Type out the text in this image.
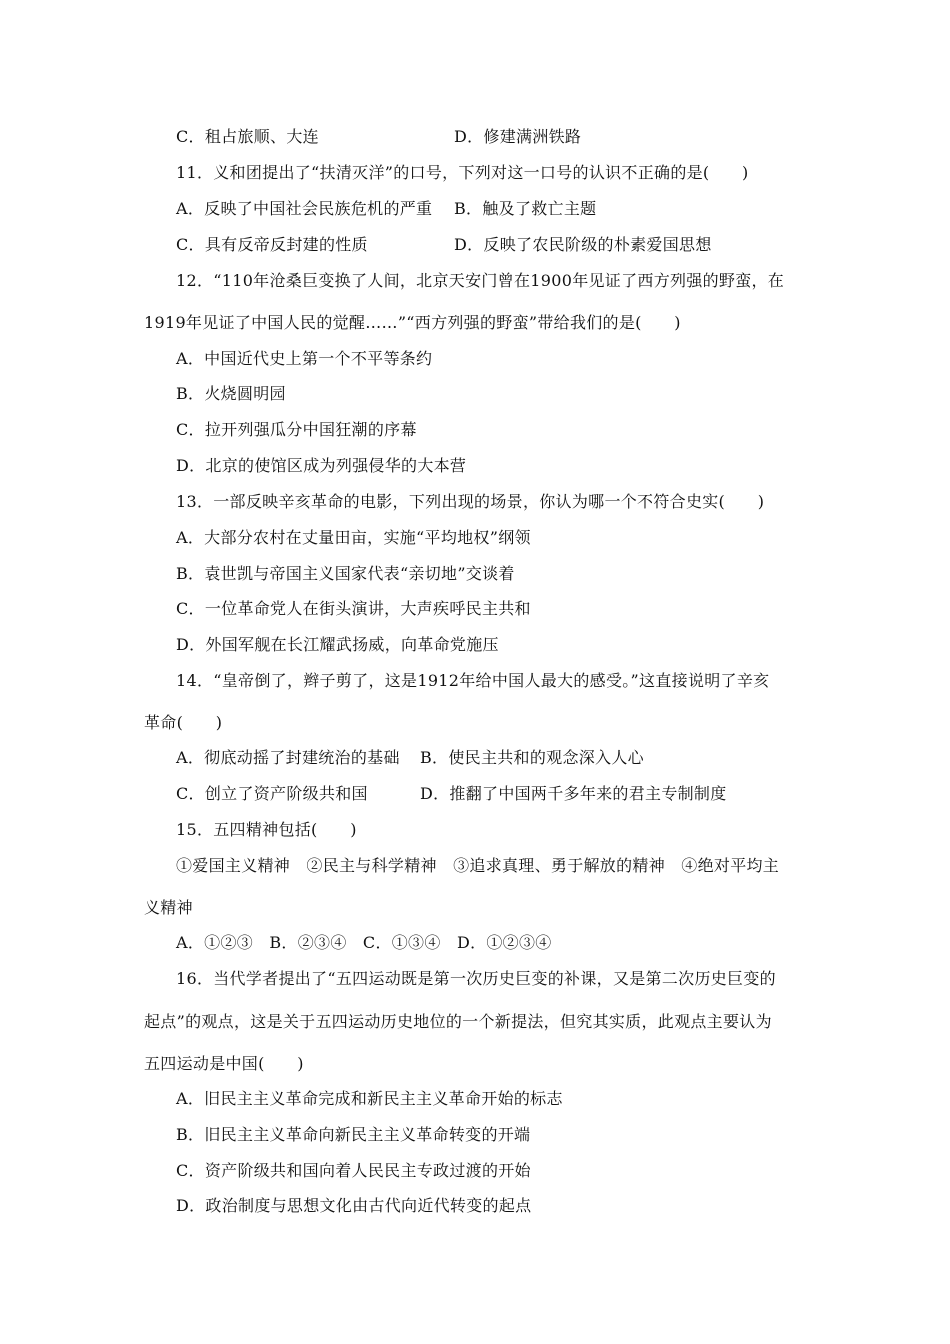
C．租占旅顺、大连	D．修建满洲铁路
11．义和团提出了“扶清灭洋”的口号，下列对这一口号的认识不正确的是(　　)
A．反映了中国社会民族危机的严重 B．触及了救亡主题
C．具有反帝反封建的性质	D．反映了农民阶级的朴素爱国思想
12．“110年沧桑巨变换了人间，北京天安门曾在1900年见证了西方列强的野蛮，在
1919年见证了中国人民的觉醒……”“西方列强的野蛮”带给我们的是(　　)
A．中国近代史上第一个不平等条约
B．火烧圆明园
C．拉开列强瓜分中国狂潮的序幕
D．北京的使馆区成为列强侵华的大本营
13．一部反映辛亥革命的电影，下列出现的场景，你认为哪一个不符合史实(　　)
A．大部分农村在丈量田亩，实施“平均地权”纲领
B．袁世凯与帝国主义国家代表“亲切地”交谈着
C．一位革命党人在街头演讲，大声疾呼民主共和
D．外国军舰在长江耀武扬威，向革命党施压
14．“皇帝倒了，辫子剪了，这是1912年给中国人最大的感受。”这直接说明了辛亥
革命(　　)
A．彻底动摇了封建统治的基础 B．使民主共和的观念深入人心
C．创立了资产阶级共和国	D．推翻了中国两千多年来的君主专制制度
15．五四精神包括(　　)
①爱国主义精神　②民主与科学精神　③追求真理、勇于解放的精神　④绝对平均主
义精神
A．①②③　B．②③④　C．①③④　D．①②③④
16．当代学者提出了“五四运动既是第一次历史巨变的补课，又是第二次历史巨变的
起点”的观点，这是关于五四运动历史地位的一个新提法，但究其实质，此观点主要认为
五四运动是中国(　　)
A．旧民主主义革命完成和新民主主义革命开始的标志
B．旧民主主义革命向新民主主义革命转变的开端
C．资产阶级共和国向着人民民主专政过渡的开始
D．政治制度与思想文化由古代向近代转变的起点
